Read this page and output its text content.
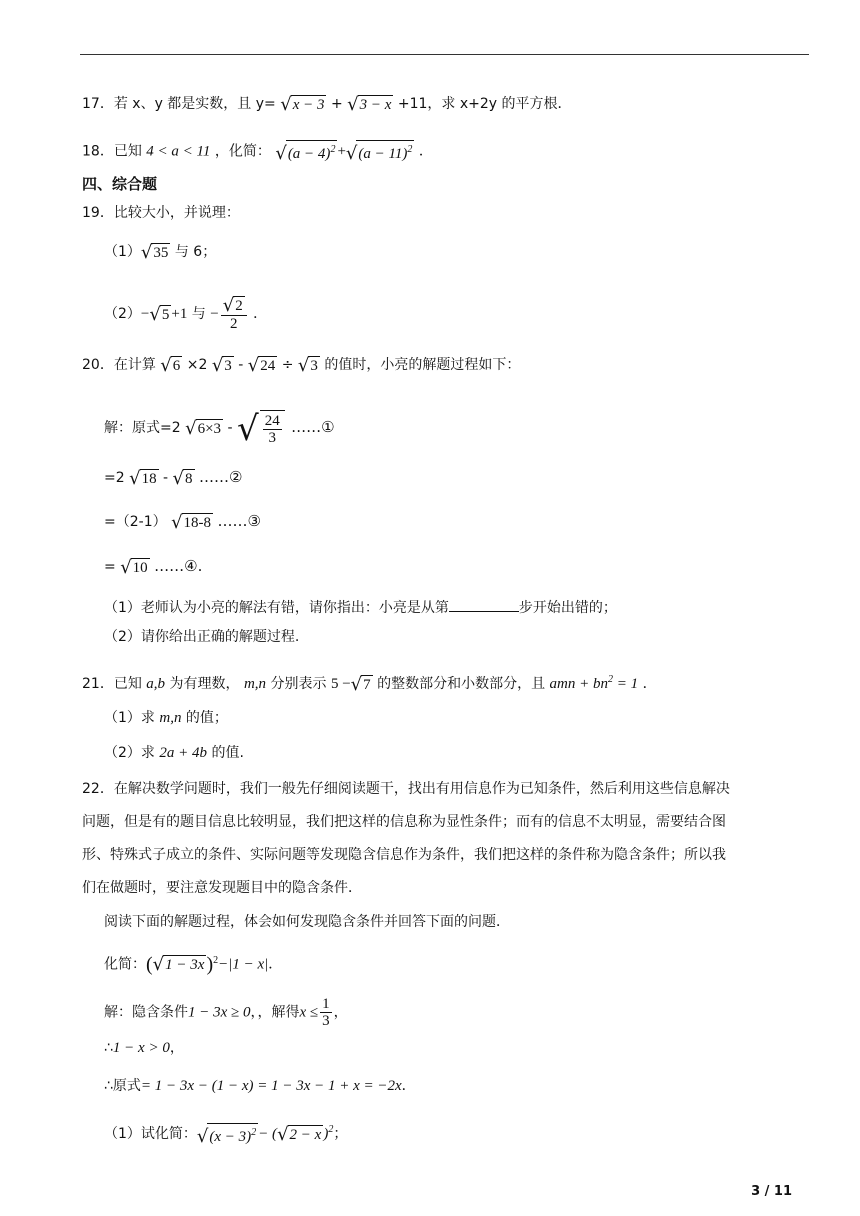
17．若 x、y 都是实数，且 y= √ x − 3 + √ 3 − x +11，求 x+2y 的平方根．
18．已知 4 < a < 11 ，化简： √ $(a - 4)^2$ + √ $(a - 11)^2$ ．
四、综合题
19．比较大小，并说理：
（1） √ 35 与 6；
（2）− √ 5 +1 与 − $\frac{√ 2}{2}$ ．
20．在计算 √ 6 ×2 √ 3 - √ 24 ÷ √ 3 的值时，小亮的解题过程如下：
解：原式=2 √ 6×3 - √ $\frac{24}{3}$ ……①
=2 √ 18 - √ 8 ……②
=（2-1） √ 18-8 ……③
= √ 10 ……④.
（1）老师认为小亮的解法有错，请你指出：小亮是从第	步开始出错的；
（2）请你给出正确的解题过程.
21．已知 a,b 为有理数， m,n 分别表示 5 − √ 7 的整数部分和小数部分，且 amn + $bn^2 = 1$ ．
（1）求 m,n 的值；
（2）求 2a + 4b 的值.
22．在解决数学问题时，我们一般先仔细阅读题干，找出有用信息作为已知条件，然后利用这些信息解决
问题，但是有的题目信息比较明显，我们把这样的信息称为显性条件；而有的信息不太明显，需要结合图
形、特殊式子成立的条件、实际问题等发现隐含信息作为条件，我们把这样的条件称为隐含条件；所以我
们在做题时，要注意发现题目中的隐含条件．
阅读下面的解题过程，体会如何发现隐含条件并回答下面的问题．
化简：( √ 1 − 3x )$^2$−|1 − x|．
解：隐含条件1 − 3x ≥ 0，，解得$x \le \frac{1}{3}$ ，
∴1 − x > 0，
∴原式= 1 − 3x − (1 − x) = 1 − 3x − 1 + x = −2x．
（1）试化简： √ $(x - 3)^2$ − ( √ 2 − x )$^2$；
3 / 11
